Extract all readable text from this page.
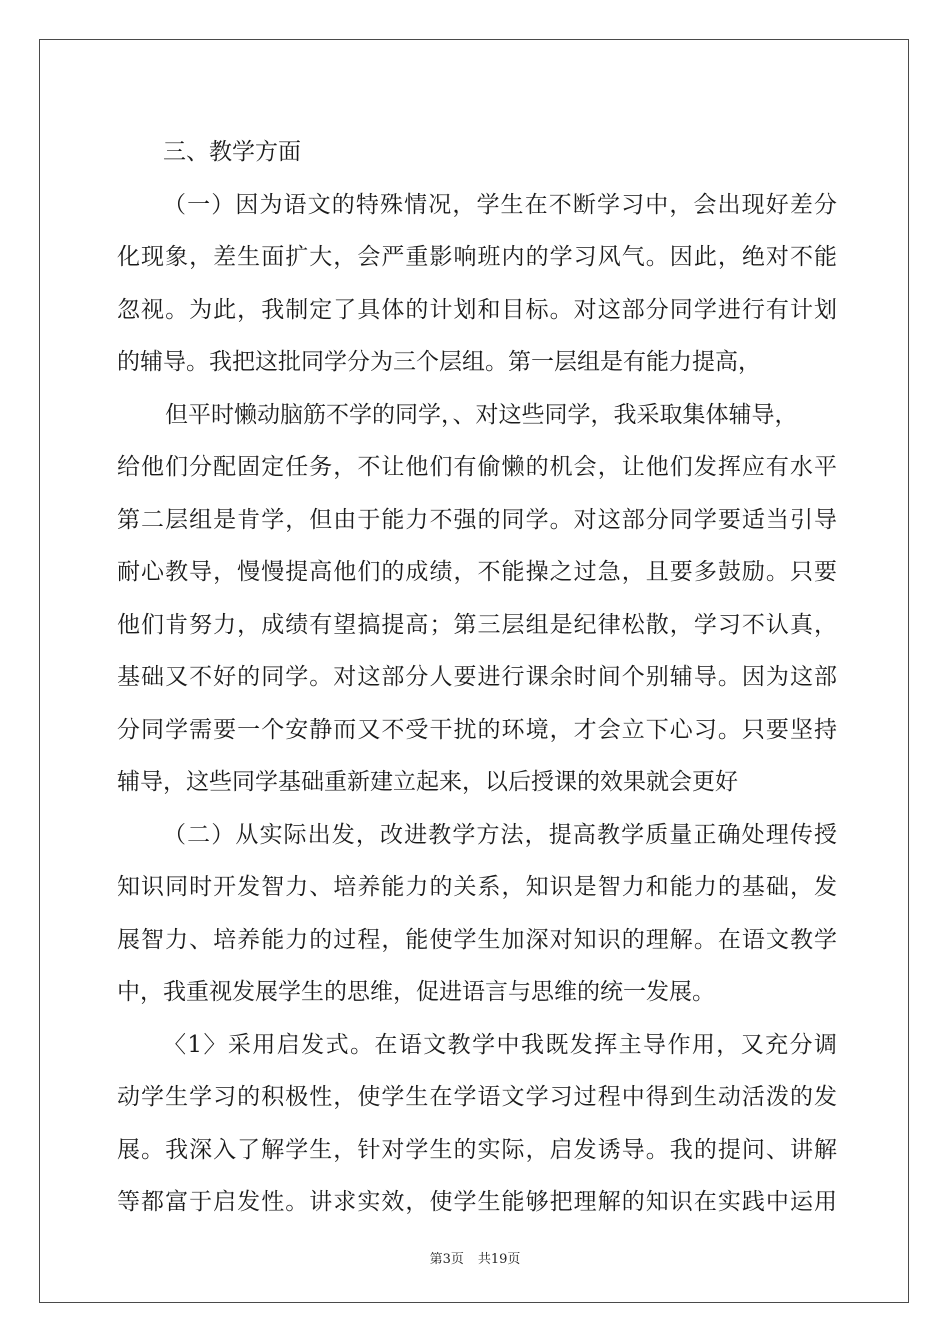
三、教学方面
（一）因为语文的特殊情况，学生在不断学习中，会出现好差分
化现象，差生面扩大，会严重影响班内的学习风气。因此，绝对不能
忽视。为此，我制定了具体的计划和目标。对这部分同学进行有计划
的辅导。我把这批同学分为三个层组。第一层组是有能力提高，
但平时懒动脑筋不学的同学，、对这些同学，我采取集体辅导，
给他们分配固定任务，不让他们有偷懒的机会，让他们发挥应有水平
第二层组是肯学，但由于能力不强的同学。对这部分同学要适当引导
耐心教导，慢慢提高他们的成绩，不能操之过急，且要多鼓励。只要
他们肯努力，成绩有望搞提高；第三层组是纪律松散，学习不认真，
基础又不好的同学。对这部分人要进行课余时间个别辅导。因为这部
分同学需要一个安静而又不受干扰的环境，才会立下心习。只要坚持
辅导，这些同学基础重新建立起来，以后授课的效果就会更好
（二）从实际出发，改进教学方法，提高教学质量正确处理传授
知识同时开发智力、培养能力的关系，知识是智力和能力的基础，发
展智力、培养能力的过程，能使学生加深对知识的理解。在语文教学
中，我重视发展学生的思维，促进语言与思维的统一发展。
〈1〉采用启发式。在语文教学中我既发挥主导作用，又充分调
动学生学习的积极性，使学生在学语文学习过程中得到生动活泼的发
展。我深入了解学生，针对学生的实际，启发诱导。我的提问、讲解
等都富于启发性。讲求实效，使学生能够把理解的知识在实践中运用
第3页 共19页
